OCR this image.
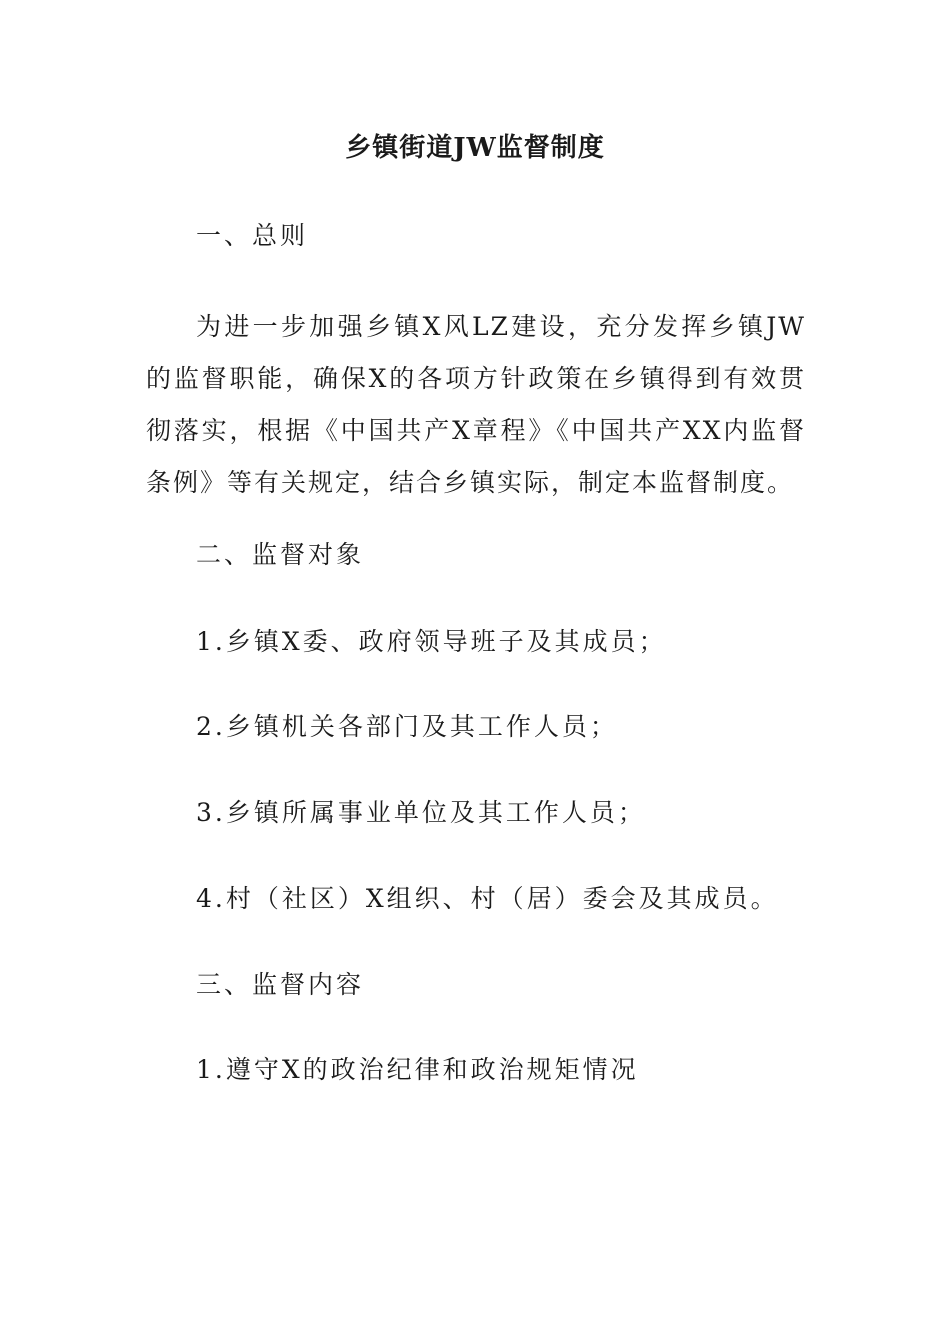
乡镇街道JW监督制度
一、总则
为进一步加强乡镇X风LZ建设，充分发挥乡镇JW的监督职能，确保X的各项方针政策在乡镇得到有效贯彻落实，根据《中国共产X章程》《中国共产XX内监督条例》等有关规定，结合乡镇实际，制定本监督制度。
二、监督对象
1.乡镇X委、政府领导班子及其成员；
2.乡镇机关各部门及其工作人员；
3.乡镇所属事业单位及其工作人员；
4.村（社区）X组织、村（居）委会及其成员。
三、监督内容
1.遵守X的政治纪律和政治规矩情况
